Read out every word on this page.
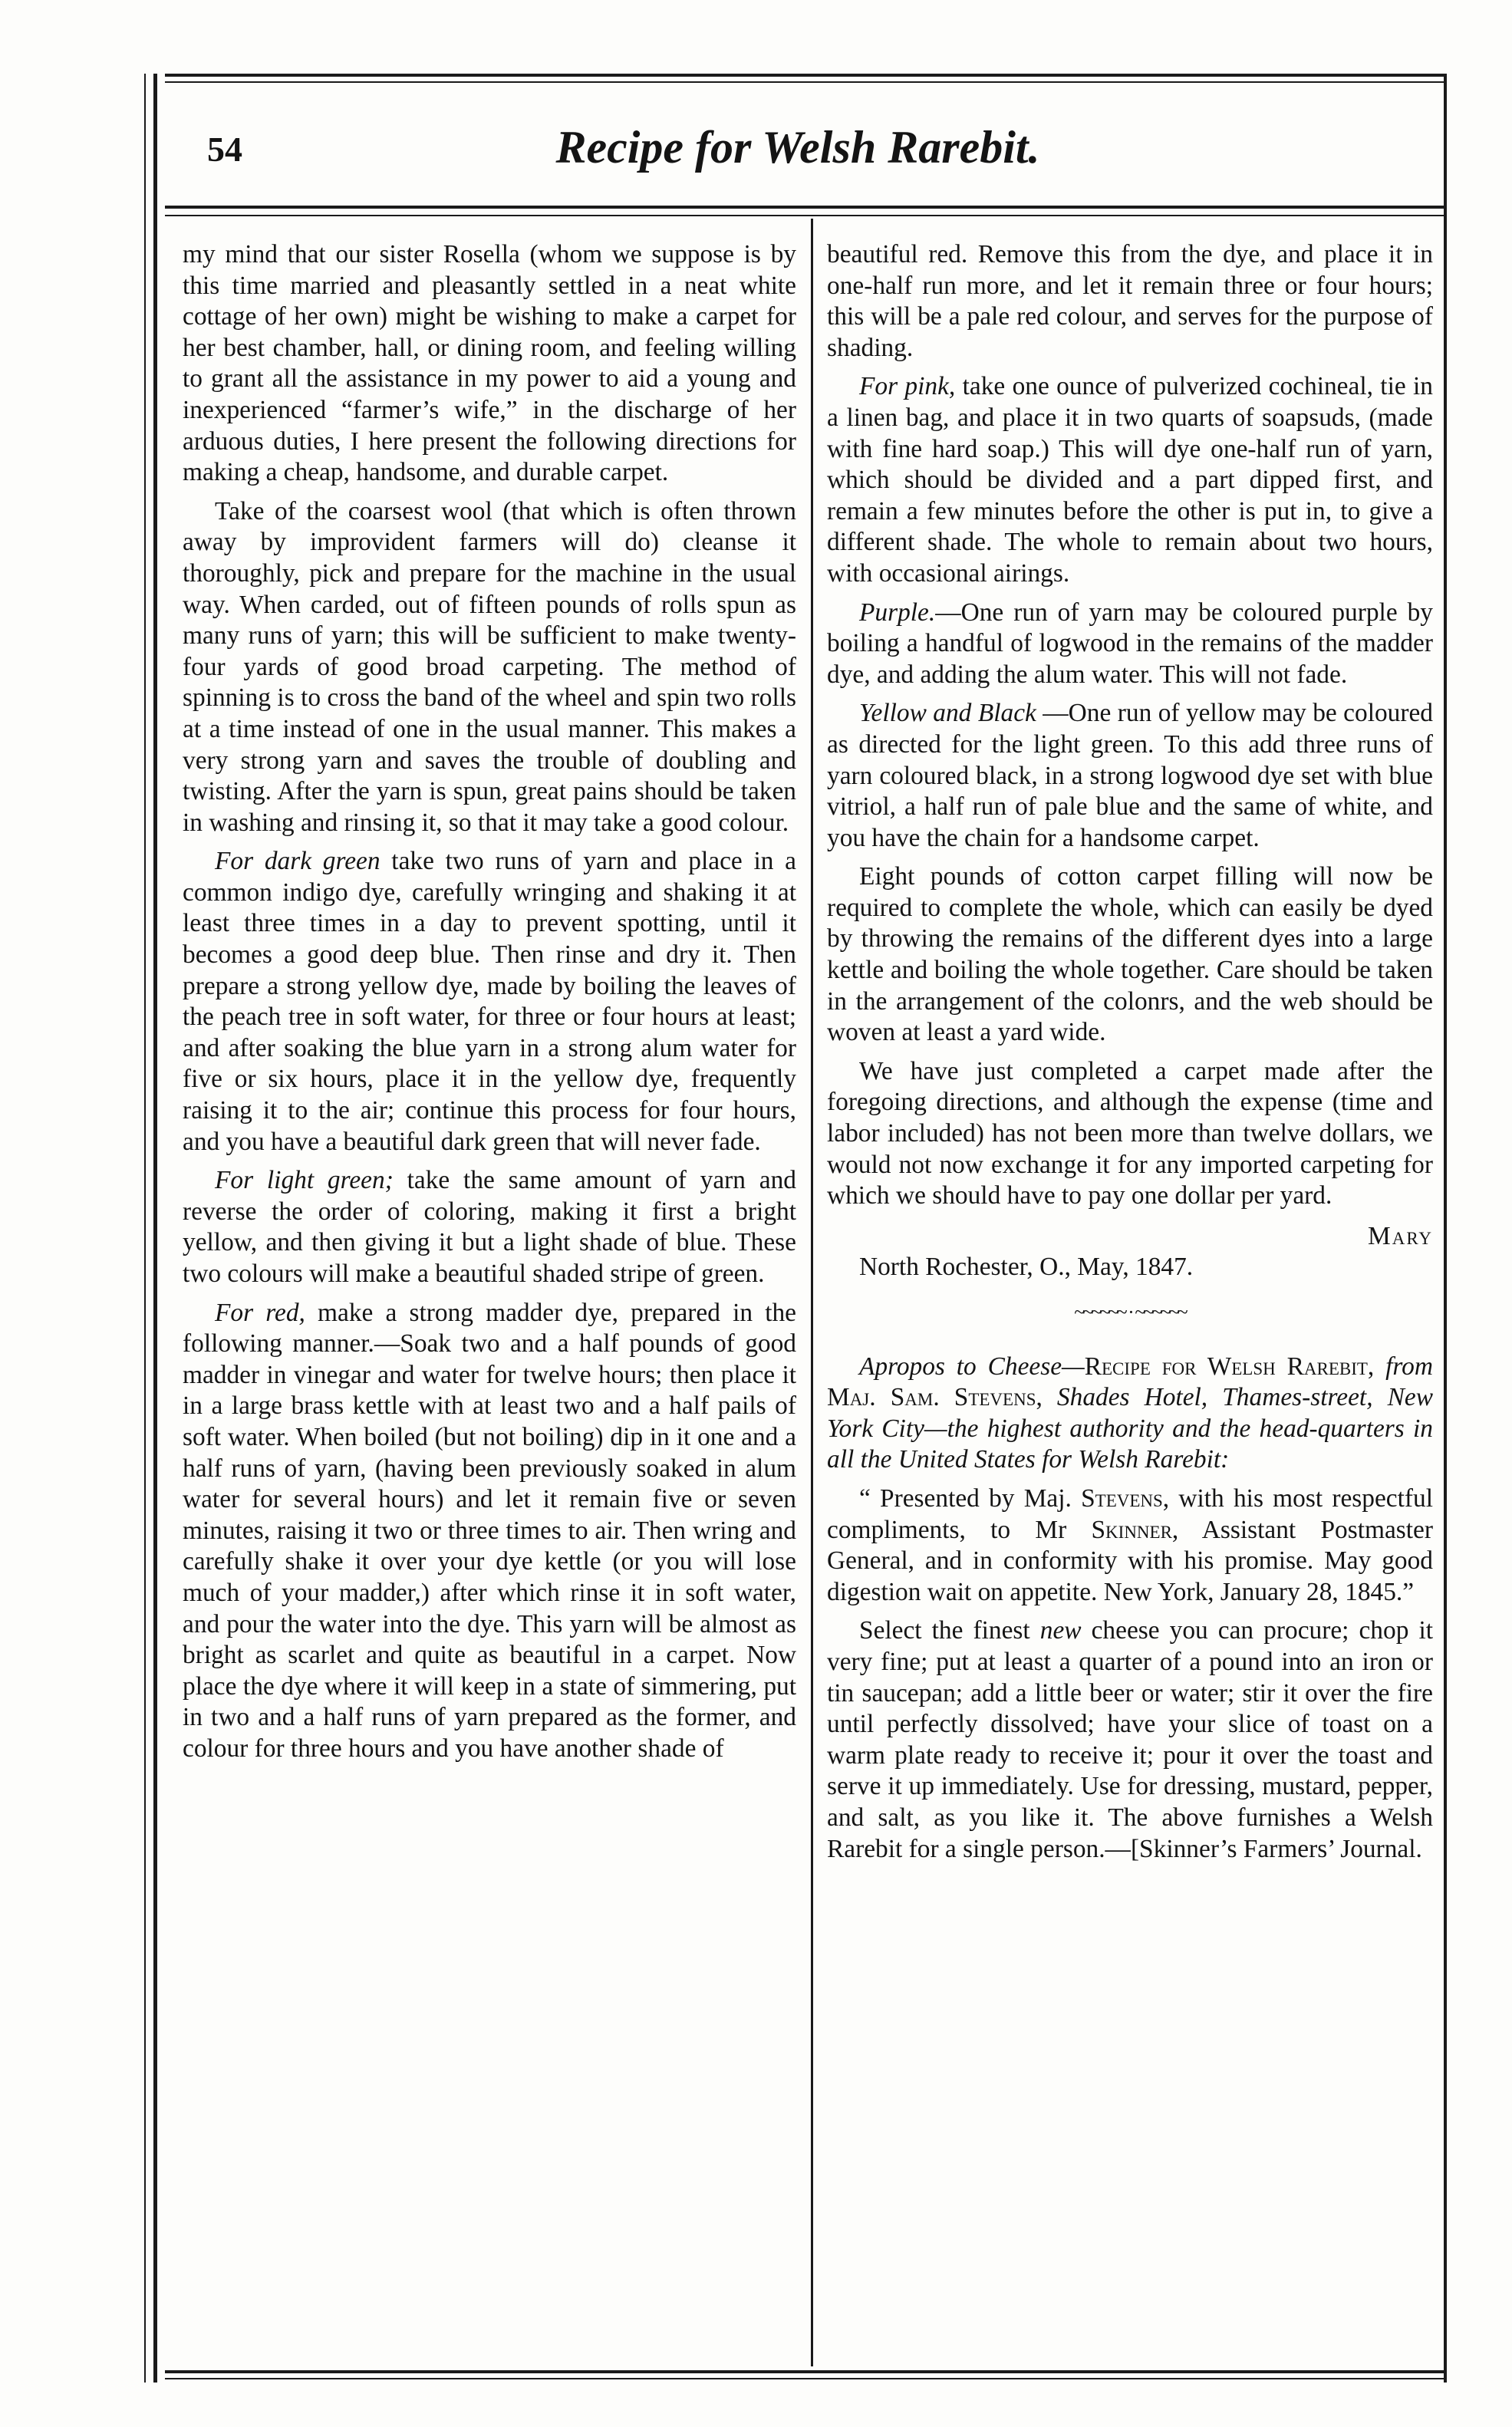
54	Recipe for Welsh Rarebit.

my mind that our sister Rosella (whom we suppose is by this time married and pleasantly settled in a neat white cottage of her own) might be wishing to make a carpet for her best chamber, hall, or dining room, and feeling willing to grant all the assistance in my power to aid a young and inexperienced “farmer’s wife,” in the discharge of her arduous duties, I here present the following directions for making a cheap, handsome, and durable carpet.

Take of the coarsest wool (that which is often thrown away by improvident farmers will do) cleanse it thoroughly, pick and prepare for the machine in the usual way. When carded, out of fifteen pounds of rolls spun as many runs of yarn; this will be sufficient to make twenty-four yards of good broad carpeting. The method of spinning is to cross the band of the wheel and spin two rolls at a time instead of one in the usual manner. This makes a very strong yarn and saves the trouble of doubling and twisting. After the yarn is spun, great pains should be taken in washing and rinsing it, so that it may take a good colour.

For dark green take two runs of yarn and place in a common indigo dye, carefully wringing and shaking it at least three times in a day to prevent spotting, until it becomes a good deep blue. Then rinse and dry it. Then prepare a strong yellow dye, made by boiling the leaves of the peach tree in soft water, for three or four hours at least; and after soaking the blue yarn in a strong alum water for five or six hours, place it in the yellow dye, frequently raising it to the air; continue this process for four hours, and you have a beautiful dark green that will never fade.

For light green; take the same amount of yarn and reverse the order of coloring, making it first a bright yellow, and then giving it but a light shade of blue. These two colours will make a beautiful shaded stripe of green.

For red, make a strong madder dye, prepared in the following manner.—Soak two and a half pounds of good madder in vinegar and water for twelve hours; then place it in a large brass kettle with at least two and a half pails of soft water. When boiled (but not boiling) dip in it one and a half runs of yarn, (having been previously soaked in alum water for several hours) and let it remain five or seven minutes, raising it two or three times to air. Then wring and carefully shake it over your dye kettle (or you will lose much of your madder,) after which rinse it in soft water, and pour the water into the dye. This yarn will be almost as bright as scarlet and quite as beautiful in a carpet. Now place the dye where it will keep in a state of simmering, put in two and a half runs of yarn prepared as the former, and colour for three hours and you have another shade of

beautiful red. Remove this from the dye, and place it in one-half run more, and let it remain three or four hours; this will be a pale red colour, and serves for the purpose of shading.

For pink, take one ounce of pulverized cochineal, tie in a linen bag, and place it in two quarts of soapsuds, (made with fine hard soap.) This will dye one-half run of yarn, which should be divided and a part dipped first, and remain a few minutes before the other is put in, to give a different shade. The whole to remain about two hours, with occasional airings.

Purple.—One run of yarn may be coloured purple by boiling a handful of logwood in the remains of the madder dye, and adding the alum water. This will not fade.

Yellow and Black —One run of yellow may be coloured as directed for the light green. To this add three runs of yarn coloured black, in a strong logwood dye set with blue vitriol, a half run of pale blue and the same of white, and you have the chain for a handsome carpet.

Eight pounds of cotton carpet filling will now be required to complete the whole, which can easily be dyed by throwing the remains of the different dyes into a large kettle and boiling the whole together. Care should be taken in the arrangement of the colonrs, and the web should be woven at least a yard wide.

We have just completed a carpet made after the foregoing directions, and although the expense (time and labor included) has not been more than twelve dollars, we would not now exchange it for any imported carpeting for which we should have to pay one dollar per yard.

Mary
North Rochester, O., May, 1847.
~~~~~~ · ~~~~~~

Apropos to Cheese—Recipe for Welsh Rarebit, from Maj. Sam. Stevens, Shades Hotel, Thames-street, New York City—the highest authority and the head-quarters in all the United States for Welsh Rarebit:

“ Presented by Maj. Stevens, with his most respectful compliments, to Mr Skinner, Assistant Postmaster General, and in conformity with his promise. May good digestion wait on appetite. New York, January 28, 1845.”

Select the finest new cheese you can procure; chop it very fine; put at least a quarter of a pound into an iron or tin saucepan; add a little beer or water; stir it over the fire until perfectly dissolved; have your slice of toast on a warm plate ready to receive it; pour it over the toast and serve it up immediately. Use for dressing, mustard, pepper, and salt, as you like it. The above furnishes a Welsh Rarebit for a single person.—[Skinner’s Farmers’ Journal.
